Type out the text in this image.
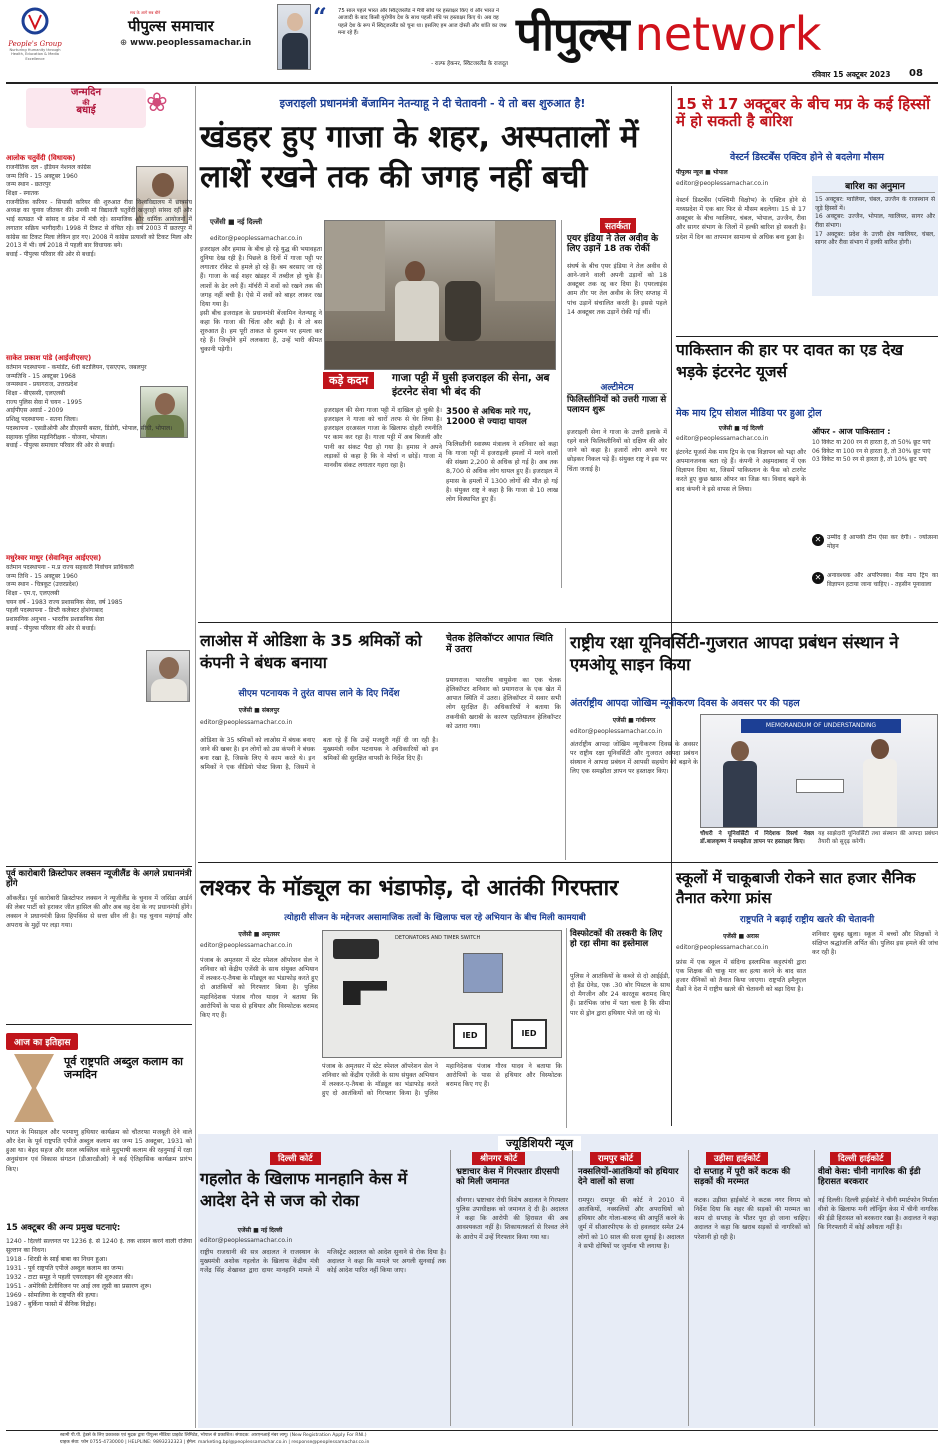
People's Group
Nurturing Humanity through Health, Education & Media Excellence
सच के आगे सब बौने
पीपुल्स समाचार
⊕ www.peoplessamachar.in
“ 75 साल पहले भारत और स्विट्जरलैंड ने मैत्री संधि पर हस्ताक्षर किए थे और भारत ने आजादी के बाद किसी यूरोपीय देश के साथ पहली संधि पर हस्ताक्षर किए थे। अब वह पहले देश के रूप में स्विट्जरलैंड को चुना था। इसलिए हम आज दोस्ती और शांति का जश्न मना रहे हैं।
- राल्फ हेकनर, स्विटजरलैंड के राजदूत
पीपुल्स network
रविवार 15 अक्टूबर 2023 08
जन्मदिन
की
बधाई	❀
आलोक चतुर्वेदी (विधायक)
राजनीतिक दल - इंडियन नेशनल कांग्रेस
जन्म तिथि - 15 अक्टूबर 1960
जन्म स्थान - छतरपुर
शिक्षा - स्नातक
राजनीतिक करियर - सियासी करियर की शुरुआत रीवा विश्वविद्यालय में छात्रसंघ अध्यक्ष का चुनाव जीतकर की। उनकी मां विद्यावती चतुर्वेदी खजुराहो सांसद रहीं और भाई सत्यव्रत भी सांसद व प्रदेश में मंत्री रहे। सामाजिक और धार्मिक आयोजनों में लगातार सक्रिय भागीदारी। 1998 में टिकट से वंचित रहे। वर्ष 2003 में छतरपुर में कांग्रेस का टिकट मिला लेकिन हार गए। 2008 में कांग्रेस प्रत्याशी को टिकट मिला और 2013 में भी। वर्ष 2018 में पहली बार विधायक बने।
बधाई - पीपुल्स परिवार की ओर से बधाई।
साकेत प्रकाश पांडे (आईजीएसए)
वर्तमान पदस्थापना - कमांडेंट, 6वीं बटालियन, एसएएफ, जबलपुर
जन्मतिथि - 15 अक्टूबर 1968
जन्मस्थान - प्रयागराज, उत्तरप्रदेश
शिक्षा - बीएससी, एलएलबी
राज्य पुलिस सेवा में चयन - 1995
आईपीएस अवार्ड - 2009
प्रशिक्षु पदस्थापना - सतना जिला।
पदस्थापना - एसडीओपी और डीएसपी बस्तर, डिंडोरी, भोपाल, सीधी, भोपाल।
सहायक पुलिस महानिरीक्षक - योजना, भोपाल।
बधाई - पीपुल्स समाचार परिवार की ओर से बधाई।
मधुरेश्वर माथुर (सेवानिवृत आईएएस)
वर्तमान पदस्थापना - म.प्र राज्य सहकारी निर्वाचन प्राधिकारी
जन्म तिथि - 15 अक्टूबर 1960
जन्म स्थान - चित्रकूट (उत्तरप्रदेश)
शिक्षा - एम.ए, एलएलबी
चयन वर्ष - 1983 राज्य प्रशासनिक सेवा, वर्ष 1985
पहली पदस्थापना - डिप्टी कलेक्टर होशंगाबाद
प्रशासनिक अनुभव - भारतीय प्रशासनिक सेवा
बधाई - पीपुल्स परिवार की ओर से बधाई।
पूर्व कारोबारी क्रिस्टोफर लक्सन न्यूजीलैंड के अगले प्रधानमंत्री होंगे
ऑकलैंड। पूर्व कारोबारी क्रिस्टोफर लक्सन ने न्यूजीलैंड के चुनाव में जसिंडा आर्डर्न की लेबर पार्टी को हराकर जीत हासिल की और अब वह देश के नए प्रधानमंत्री होंगे। लक्सन ने प्रधानमंत्री क्रिस हिपकिंस से सत्ता छीन ली है। यह चुनाव महंगाई और अपराध के मुद्दों पर लड़ा गया।
आज का इतिहास
पूर्व राष्ट्रपति अब्दुल कलाम का जन्मदिन
भारत के मिसाइल और परमाणु हथियार कार्यक्रम को चौतरफा मजबूती देने वाले और देश के पूर्व राष्ट्रपति एपीजे अब्दुल कलाम का जन्म 15 अक्टूबर, 1931 को हुआ था। बेहद सहज और सरल व्यक्तित्व वाले मुदुभाषी कलाम की रहनुमाई में रक्षा अनुसंधान एवं विकास संगठन (डीआरडीओ) ने कई ऐतिहासिक कार्यक्रम प्रारंभ किए।
15 अक्टूबर की अन्य प्रमुख घटनाएं:
1240 - दिल्ली सल्तनत पर 1236 ई. से 1240 ई. तक शासन करने वाली रजिया सुल्तान का निधन।
1918 - शिरडी के साईं बाबा का निधन हुआ।
1931 - पूर्व राष्ट्रपति एपीजे अब्दुल कलाम का जन्म।
1932 - टाटा समूह ने पहली एयरलाइन की शुरुआत की।
1951 - अमेरिकी टेलीविजन पर आई लव लूसी का प्रसारण शुरू।
1969 - सोमालिया के राष्ट्रपति की हत्या।
1987 - बुर्किना फासो में सैनिक विद्रोह।
इजराइली प्रधानमंत्री बेंजामिन नेतन्याहू ने दी चेतावनी - ये तो बस शुरुआत है!
खंडहर हुए गाजा के शहर, अस्पतालों में लाशें रखने तक की जगह नहीं बची
एजेंसी ■ नई दिल्ली
editor@peoplessamachar.co.in
इजराइल और हमास के बीच हो रहे युद्ध की भयावहता दुनिया देख रही है। पिछले 8 दिनों में गाजा पट्टी पर लगातार रॉकेट से हमले हो रहे हैं। बम बरसाए जा रहे हैं। गाजा के कई शहर खंडहर में तब्दील हो चुके हैं। लाशों के ढेर लगे हैं। मॉर्चरी में शवों को रखने तक की जगह नहीं बची है। ऐसे में शवों को बाहर लाकर रख दिया गया है।
इसी बीच इजराइल के प्रधानमंत्री बेंजामिन नेतन्याहू ने कहा कि गाजा की चिंता और बढ़ी है। ये तो बस शुरुआत है। हम पूरी ताकत से दुश्मन पर हमला कर रहे हैं। जिन्होंने हमें ललकारा है, उन्हें भारी कीमत चुकानी पड़ेगी।
कड़े कदम	गाजा पट्टी में घुसी इजराइल की सेना, अब इंटरनेट सेवा भी बंद की
इजराइल की सेना गाजा पट्टी में दाखिल हो चुकी है। इजराइल ने गाजा को चारों तरफ से घेर लिया है। इजराइल दरअसल गाजा के खिलाफ दोहरी रणनीति पर काम कर रहा है। गाजा पट्टी में अब बिजली और पानी का संकट पैदा हो गया है। हमास ने अपने लड़ाकों से कहा है कि वे मोर्चा न छोड़ें। गाजा में मानवीय संकट लगातार गहरा रहा है।
3500 से अधिक मारे गए, 12000 से ज्यादा घायल
फिलिस्तीनी स्वास्थ्य मंत्रालय ने शनिवार को कहा कि गाजा पट्टी में इजराइली हमलों में मरने वालों की संख्या 2,200 से अधिक हो गई है। अब तक 8,700 से अधिक लोग घायल हुए हैं। इजराइल में हमास के हमलों में 1300 लोगों की मौत हो गई है। संयुक्त राष्ट्र ने कहा है कि गाजा से 10 लाख लोग विस्थापित हुए हैं।
सतर्कता
एयर इंडिया ने तेल अवीव के लिए उड़ानें 18 तक रोकीं
संघर्ष के बीच एयर इंडिया ने तेल अवीव से आने-जाने वाली अपनी उड़ानों को 18 अक्टूबर तक रद्द कर दिया है। एयरलाइंस आम तौर पर तेल अवीव के लिए सप्ताह में पांच उड़ानें संचालित करती है। इससे पहले 14 अक्टूबर तक उड़ानें रोकी गई थीं।
अल्टीमेटम
फिलिस्तीनियों को उत्तरी गाजा से पलायन शुरू
इजराइली सेना ने गाजा के उत्तरी इलाके में रहने वाले फिलिस्तीनियों को दक्षिण की ओर जाने को कहा है। हजारों लोग अपने घर छोड़कर निकल पड़े हैं। संयुक्त राष्ट्र ने इस पर चिंता जताई है।
15 से 17 अक्टूबर के बीच मप्र के कई हिस्सों में हो सकती है बारिश
वेस्टर्न डिस्टर्बेंस एक्टिव होने से बदलेगा मौसम
पीपुल्स न्यूज ■ भोपाल
editor@peoplessamachar.co.in
वेस्टर्न डिस्टर्बेंस (पश्चिमी विक्षोभ) के एक्टिव होने से मध्यप्रदेश में एक बार फिर से मौसम बदलेगा। 15 से 17 अक्टूबर के बीच ग्वालियर, चंबल, भोपाल, उज्जैन, रीवा और सागर संभाग के जिलों में हल्की बारिश हो सकती है। प्रदेश में दिन का तापमान सामान्य से अधिक बना हुआ है।
बारिश का अनुमान
15 अक्टूबर: ग्वालियर, चंबल, उज्जैन के राजस्थान से जुड़े हिस्सों में।
16 अक्टूबर: उज्जैन, भोपाल, ग्वालियर, सागर और रीवा संभाग।
17 अक्टूबर: प्रदेश के उत्तरी क्षेत्र ग्वालियर, चंबल, सागर और रीवा संभाग में हल्की बारिश होगी।
पाकिस्तान की हार पर दावत का एड देख भड़के इंटरनेट यूजर्स
मेक माय ट्रिप सोशल मीडिया पर हुआ ट्रोल
एजेंसी ■ नई दिल्ली
editor@peoplessamachar.co.in
इंटरनेट यूजर्स मेक माय ट्रिप के एक विज्ञापन को भद्दा और अपमानजनक बता रहे हैं। कंपनी ने अहमदाबाद में एक विज्ञापन दिया था, जिसमें पाकिस्तान के फैंस को टारगेट करते हुए कुछ खास ऑफर का जिक्र था। विवाद बढ़ने के बाद कंपनी ने इसे वापस ले लिया।
ऑफर - आज पाकिस्तान :
10 विकेट या 200 रन से हारता है, तो 50% छूट पाएं
06 विकेट या 100 रन से हारता है, तो 30% छूट पाएं
03 विकेट या 50 रन से हारता है, तो 10% छूट पाएं
✕ उम्मीद है आपकी टीम ऐसा कर देगी। - ज्योत्सना मोहन
✕ अनावश्यक और अपरिपक्व। मैक माय ट्रिप का विज्ञापन हटाया जाना चाहिए। - तहसीन पूनावाला
लाओस में ओडिशा के 35 श्रमिकों को कंपनी ने बंधक बनाया
सीएम पटनायक ने तुरंत वापस लाने के दिए निर्देश
एजेंसी ■ संबलपुर
editor@peoplessamachar.co.in
ओडिशा के 35 श्रमिकों को लाओस में बंधक बनाए जाने की खबर है। इन लोगों को उस कंपनी ने बंधक बना रखा है, जिसके लिए ये काम करते थे। इन श्रमिकों ने एक वीडियो पोस्ट किया है, जिसमें वे बता रहे हैं कि उन्हें मजदूरी नहीं दी जा रही है। मुख्यमंत्री नवीन पटनायक ने अधिकारियों को इन श्रमिकों की सुरक्षित वापसी के निर्देश दिए हैं।
चेतक हेलिकॉप्टर आपात स्थिति में उतरा
प्रयागराज। भारतीय वायुसेना का एक चेतक हेलिकॉप्टर शनिवार को प्रयागराज के एक खेत में आपात स्थिति में उतरा। हेलिकॉप्टर में सवार सभी लोग सुरक्षित हैं। अधिकारियों ने बताया कि तकनीकी खराबी के कारण एहतियातन हेलिकॉप्टर को उतारा गया।
राष्ट्रीय रक्षा यूनिवर्सिटी-गुजरात आपदा प्रबंधन संस्थान ने एमओयू साइन किया
अंतर्राष्ट्रीय आपदा जोखिम न्यूनीकरण दिवस के अवसर पर की पहल
एजेंसी ■ गांधीनगर
editor@peoplessamachar.co.in
अंतर्राष्ट्रीय आपदा जोखिम न्यूनीकरण दिवस के अवसर पर राष्ट्रीय रक्षा यूनिवर्सिटी और गुजरात आपदा प्रबंधन संस्थान ने आपदा प्रबंधन में आपसी सहयोग को बढ़ाने के लिए एक समझौता ज्ञापन पर हस्ताक्षर किए।
MEMORANDUM OF UNDERSTANDING
चौधरी ने यूनिवर्सिटी में निदेशक रिसर्च नेवल डॉ.बालकृष्ण ने समझौता ज्ञापन पर हस्ताक्षर किए।
यह साझेदारी यूनिवर्सिटी तथा संस्थान की आपदा प्रबंधन तैयारी को सुदृढ़ करेगी।
लश्कर के मॉड्यूल का भंडाफोड़, दो आतंकी गिरफ्तार
त्योहारी सीजन के मद्देनजर असामाजिक तत्वों के खिलाफ चल रहे अभियान के बीच मिली कामयाबी
एजेंसी ■ अमृतसर
editor@peoplessamachar.co.in
पंजाब के अमृतसर में स्टेट स्पेशल ऑपरेशन सेल ने शनिवार को केंद्रीय एजेंसी के साथ संयुक्त अभियान में लश्कर-ए-तैयबा के मॉड्यूल का भंडाफोड़ करते हुए दो आतंकियों को गिरफ्तार किया है। पुलिस महानिदेशक पंजाब गौरव यादव ने बताया कि आरोपियों के पास से हथियार और विस्फोटक बरामद किए गए हैं।
DETONATORS AND TIMER SWITCH
IED	IED
पंजाब के अमृतसर में स्टेट स्पेशल ऑपरेशन सेल ने शनिवार को केंद्रीय एजेंसी के साथ संयुक्त अभियान में लश्कर-ए-तैयबा के मॉड्यूल का भंडाफोड़ करते हुए दो आतंकियों को गिरफ्तार किया है। पुलिस महानिदेशक पंजाब गौरव यादव ने बताया कि आरोपियों के पास से हथियार और विस्फोटक बरामद किए गए हैं।
विस्फोटकों की तस्करी के लिए हो रहा सीमा का इस्तेमाल
पुलिस ने आतंकियों के कब्जे से दो आईईडी, दो हैंड ग्रेनेड, एक .30 बोर पिस्टल के साथ दो मैगजीन और 24 कारतूस बरामद किए हैं। प्रारंभिक जांच में पता चला है कि सीमा पार से ड्रोन द्वारा हथियार भेजे जा रहे थे।
स्कूलों में चाकूबाजी रोकने सात हजार सैनिक तैनात करेगा फ्रांस
राष्ट्रपति ने बढ़ाई राष्ट्रीय खतरे की चेतावनी
एजेंसी ■ अरास
editor@peoplessamachar.co.in
फ्रांस में एक स्कूल में संदिग्ध इस्लामिक कट्टरपंथी द्वारा एक शिक्षक की चाकू मार कर हत्या करने के बाद सात हजार सैनिकों को तैनात किया जाएगा। राष्ट्रपति इमैनुएल मैक्रों ने देश में राष्ट्रीय खतरे की चेतावनी को बढ़ा दिया है।
शनिवार सुबह खुला। स्कूल में बच्चों और शिक्षकों ने संक्षिप्त श्रद्धांजलि अर्पित की। पुलिस इस हमले की जांच कर रही है।
ज्यूडिशियरी न्यूज
दिल्ली कोर्ट
गहलोत के खिलाफ मानहानि केस में आदेश देने से जज को रोका
एजेंसी ■ नई दिल्ली
editor@peoplessamachar.co.in
राष्ट्रीय राजधानी की सत्र अदालत ने राजस्थान के मुख्यमंत्री अशोक गहलोत के खिलाफ केंद्रीय मंत्री गजेंद्र सिंह शेखावत द्वारा दायर मानहानि मामले में मजिस्ट्रेट अदालत को आदेश सुनाने से रोक दिया है। अदालत ने कहा कि मामले पर अगली सुनवाई तक कोई आदेश पारित नहीं किया जाए।
श्रीनगर कोर्ट
भ्रष्टाचार केस में गिरफ्तार डीएसपी को मिली जमानत
श्रीनगर। भ्रष्टाचार रोधी विशेष अदालत ने गिरफ्तार पुलिस उपाधीक्षक को जमानत दे दी है। अदालत ने कहा कि आरोपी की हिरासत की अब आवश्यकता नहीं है। शिकायतकर्ता से रिश्वत लेने के आरोप में उन्हें गिरफ्तार किया गया था।
रामपुर कोर्ट
नक्सलियों-आतंकियों को हथियार देने वालों को सजा
रामपुर। रामपुर की कोर्ट ने 2010 में आतंकियों, नक्सलियों और अपराधियों को हथियार और गोला-बारूद की आपूर्ति करने के जुर्म में सीआरपीएफ के दो हवलदार समेत 24 लोगों को 10 साल की सजा सुनाई है। अदालत ने सभी दोषियों पर जुर्माना भी लगाया है।
उड़ीसा हाईकोर्ट
दो सप्ताह में पूरी करें कटक की सड़कों की मरम्मत
कटक। उड़ीसा हाईकोर्ट ने कटक नगर निगम को निर्देश दिया कि शहर की सड़कों की मरम्मत का काम दो सप्ताह के भीतर पूरा हो जाना चाहिए। अदालत ने कहा कि खराब सड़कों से नागरिकों को परेशानी हो रही है।
दिल्ली हाईकोर्ट
वीवो केस: चीनी नागरिक की ईडी हिरासत बरकरार
नई दिल्ली। दिल्ली हाईकोर्ट ने चीनी स्मार्टफोन निर्माता वीवो के खिलाफ मनी लॉन्ड्रिंग केस में चीनी नागरिक की ईडी हिरासत को बरकरार रखा है। अदालत ने कहा कि गिरफ्तारी में कोई अवैधता नहीं है।
स्वामी पी.पी. ट्रेडर्स के लिए प्रकाशक एवं मुद्रक द्वारा पीपुल्स मीडिया प्राइवेट लिमिटेड, भोपाल से प्रकाशित। संपादक: आरएनआई नंबर लागू। (New Registration Apply For RNI.)
ग्राहक सेवा: फोन 0755-4730000 | HELPLINE: 9893232323 | ईमेल: marketing.bpl@peoplessamachar.co.in | response@peoplessamachar.co.in
